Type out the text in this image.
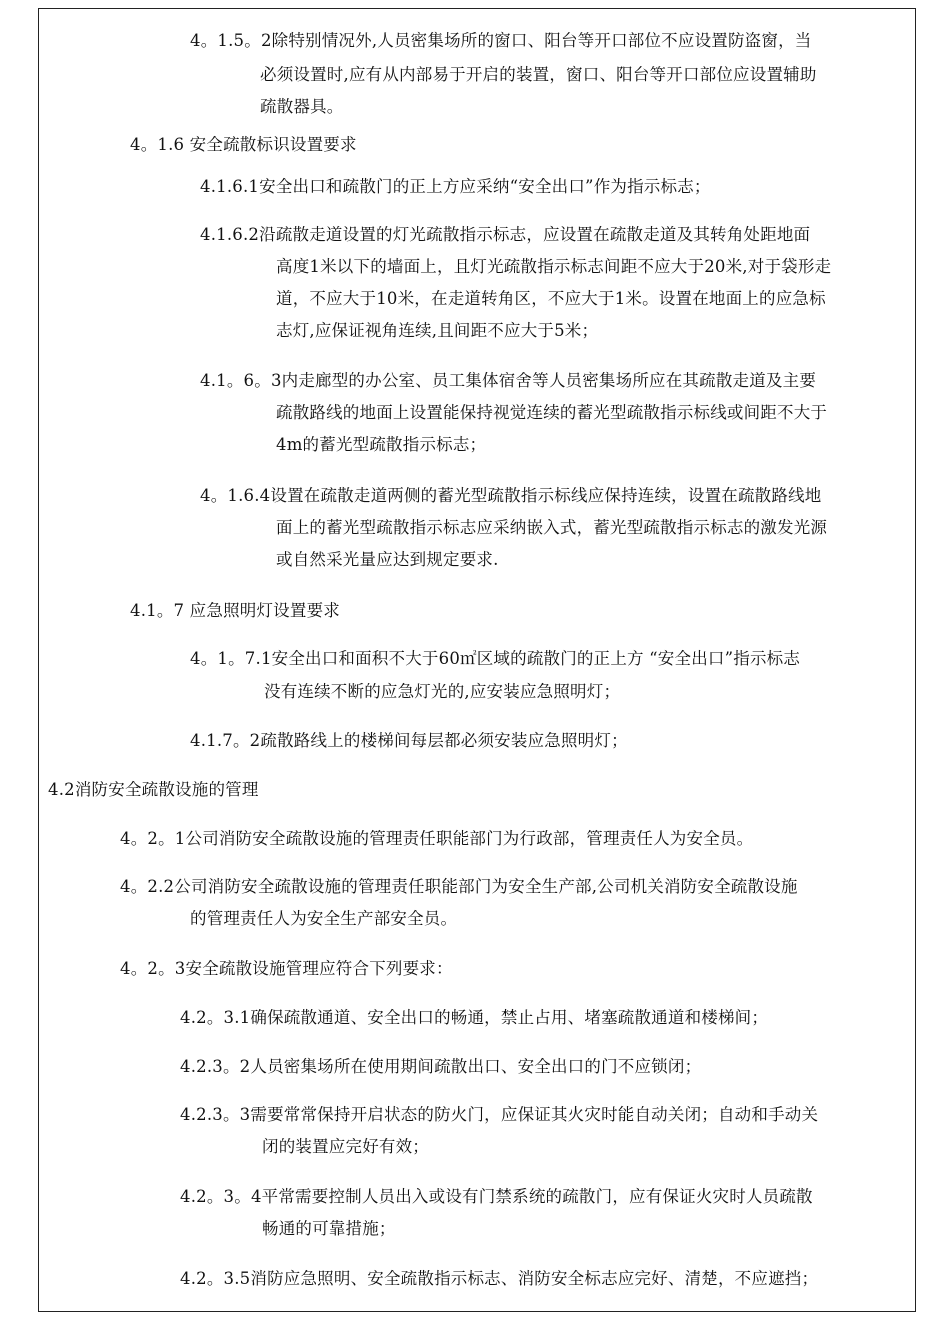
4。1.5。2除特别情况外,人员密集场所的窗口、阳台等开口部位不应设置防盗窗，当
必须设置时,应有从内部易于开启的装置，窗口、阳台等开口部位应设置辅助
疏散器具。
4。1.6 安全疏散标识设置要求
4.1.6.1安全出口和疏散门的正上方应采纳“安全出口”作为指示标志；
4.1.6.2沿疏散走道设置的灯光疏散指示标志，应设置在疏散走道及其转角处距地面
高度1米以下的墙面上，且灯光疏散指示标志间距不应大于20米,对于袋形走
道，不应大于10米，在走道转角区，不应大于1米。设置在地面上的应急标
志灯,应保证视角连续,且间距不应大于5米；
4.1。6。3内走廊型的办公室、员工集体宿舍等人员密集场所应在其疏散走道及主要
疏散路线的地面上设置能保持视觉连续的蓄光型疏散指示标线或间距不大于
4m的蓄光型疏散指示标志；
4。1.6.4设置在疏散走道两侧的蓄光型疏散指示标线应保持连续，设置在疏散路线地
面上的蓄光型疏散指示标志应采纳嵌入式，蓄光型疏散指示标志的激发光源
或自然采光量应达到规定要求.
4.1。7 应急照明灯设置要求
4。1。7.1安全出口和面积不大于60㎡区域的疏散门的正上方 “安全出口”指示标志
没有连续不断的应急灯光的,应安装应急照明灯；
4.1.7。2疏散路线上的楼梯间每层都必须安装应急照明灯；
4.2消防安全疏散设施的管理
4。2。1公司消防安全疏散设施的管理责任职能部门为行政部，管理责任人为安全员。
4。2.2公司消防安全疏散设施的管理责任职能部门为安全生产部,公司机关消防安全疏散设施
的管理责任人为安全生产部安全员。
4。2。3安全疏散设施管理应符合下列要求：
4.2。3.1确保疏散通道、安全出口的畅通，禁止占用、堵塞疏散通道和楼梯间；
4.2.3。2人员密集场所在使用期间疏散出口、安全出口的门不应锁闭；
4.2.3。3需要常常保持开启状态的防火门，应保证其火灾时能自动关闭；自动和手动关
闭的装置应完好有效；
4.2。3。4平常需要控制人员出入或设有门禁系统的疏散门，应有保证火灾时人员疏散
畅通的可靠措施；
4.2。3.5消防应急照明、安全疏散指示标志、消防安全标志应完好、清楚，不应遮挡；
